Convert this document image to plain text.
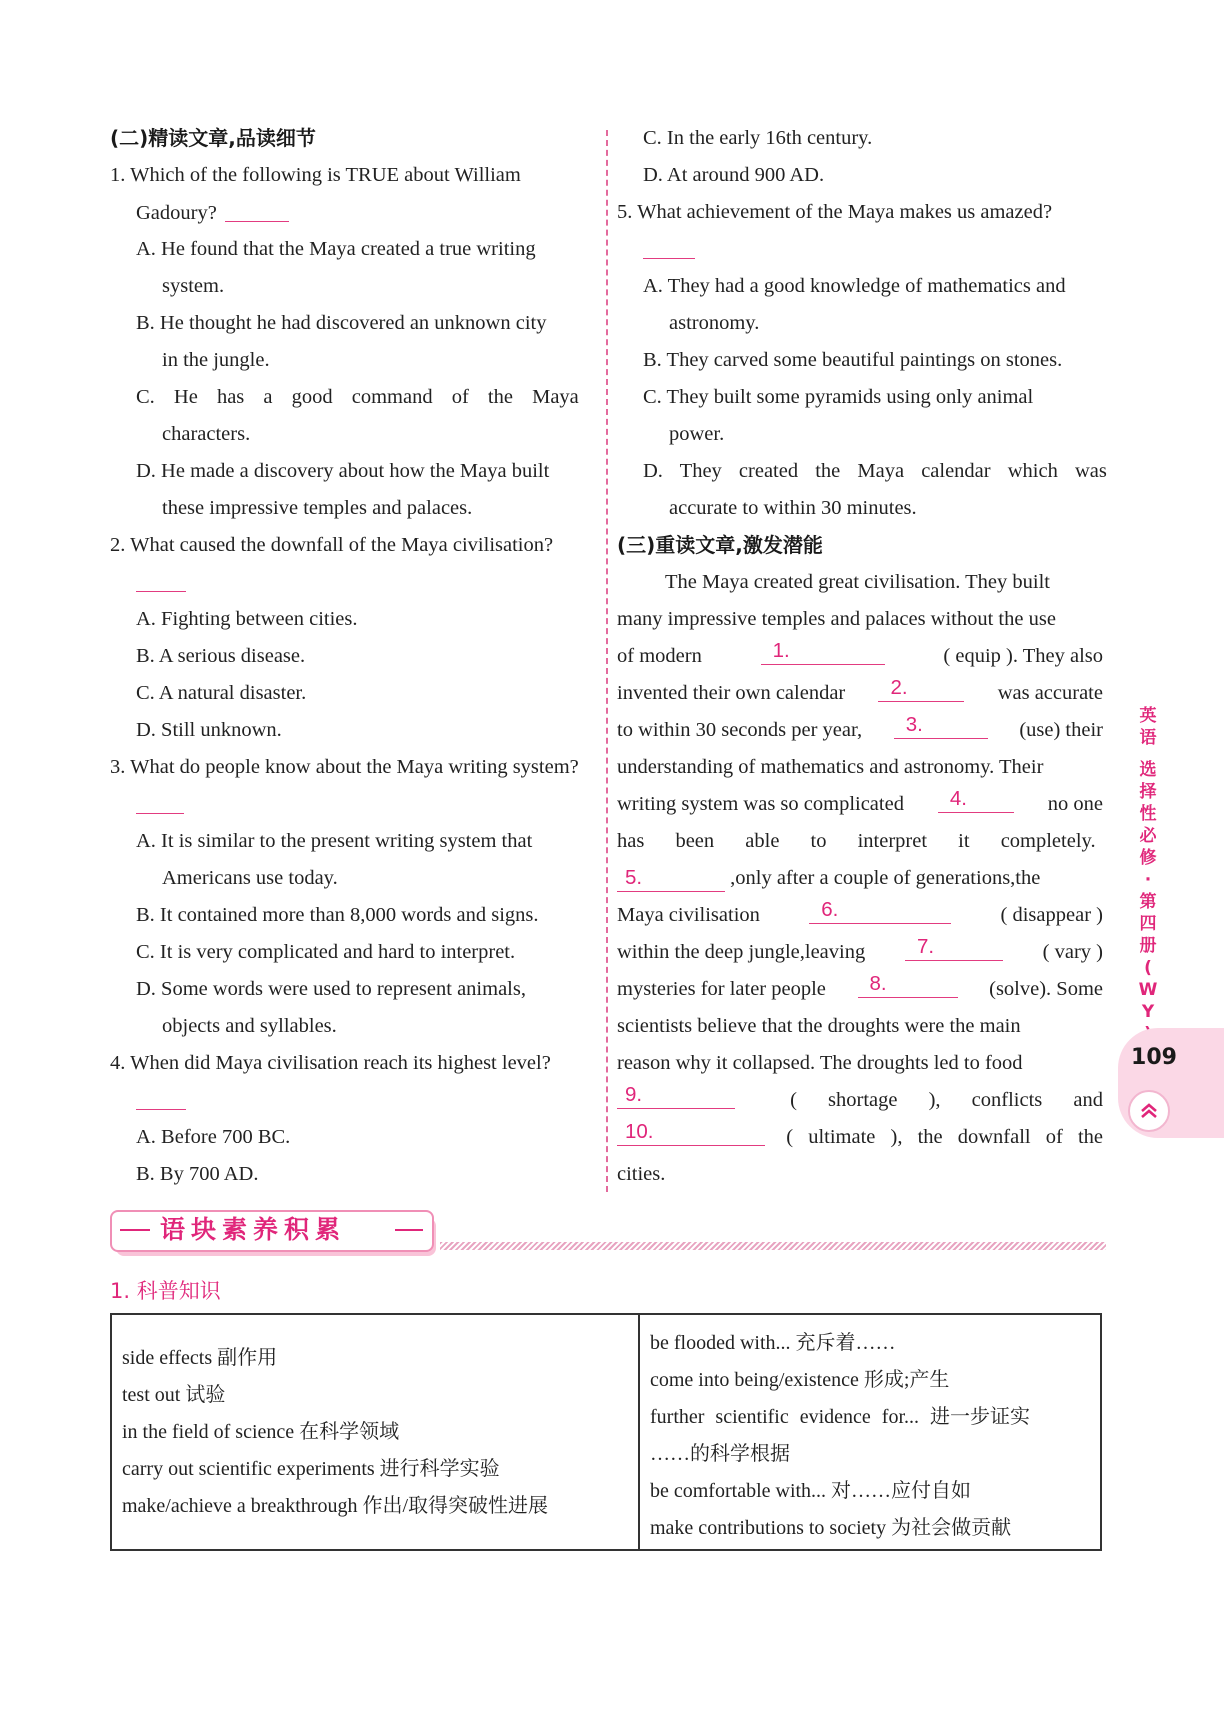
(二)精读文章,品读细节
1. Which of the following is TRUE about William
Gadoury?
A. He found that the Maya created a true writing
system.
B. He thought he had discovered an unknown city
in the jungle.
C. He has a good command of the Maya
characters.
D. He made a discovery about how the Maya built
these impressive temples and palaces.
2. What caused the downfall of the Maya civilisation?
A. Fighting between cities.
B. A serious disease.
C. A natural disaster.
D. Still unknown.
3. What do people know about the Maya writing system?
A. It is similar to the present writing system that
Americans use today.
B. It contained more than 8,000 words and signs.
C. It is very complicated and hard to interpret.
D. Some words were used to represent animals,
objects and syllables.
4. When did Maya civilisation reach its highest level?
A. Before 700 BC.
B. By 700 AD.
C. In the early 16th century.
D. At around 900 AD.
5. What achievement of the Maya makes us amazed?
A. They had a good knowledge of mathematics and
astronomy.
B. They carved some beautiful paintings on stones.
C. They built some pyramids using only animal
power.
D. They created the Maya calendar which was
accurate to within 30 minutes.
(三)重读文章,激发潜能
The Maya created great civilisation. They built
many impressive temples and palaces without the use
of modern	1.	( equip ). They also
invented their own calendar	2.	was accurate
to within 30 seconds per year,	3.	(use) their
understanding of mathematics and astronomy. Their
writing system was so complicated	4.	no one
has been able to interpret it completely.
5.	,only after a couple of generations,the
Maya civilisation	6.	( disappear )
within the deep jungle,leaving	7.	( vary )
mysteries for later people	8.	(solve). Some
scientists believe that the droughts were the main
reason why it collapsed. The droughts led to food
9.	( shortage ), conflicts and
10.	( ultimate ), the downfall of the
cities.
英
语
选
择
性
必
修
·
第
四
册
(
W
Y
109
语块素养积累
1. 科普知识
side effects 副作用
test out 试验
in the field of science 在科学领域
carry out scientific experiments 进行科学实验
make/achieve a breakthrough 作出/取得突破性进展
be flooded with... 充斥着……
come into being/existence 形成;产生
further scientific evidence for... 进一步证实
……的科学根据
be comfortable with... 对……应付自如
make contributions to society 为社会做贡献
